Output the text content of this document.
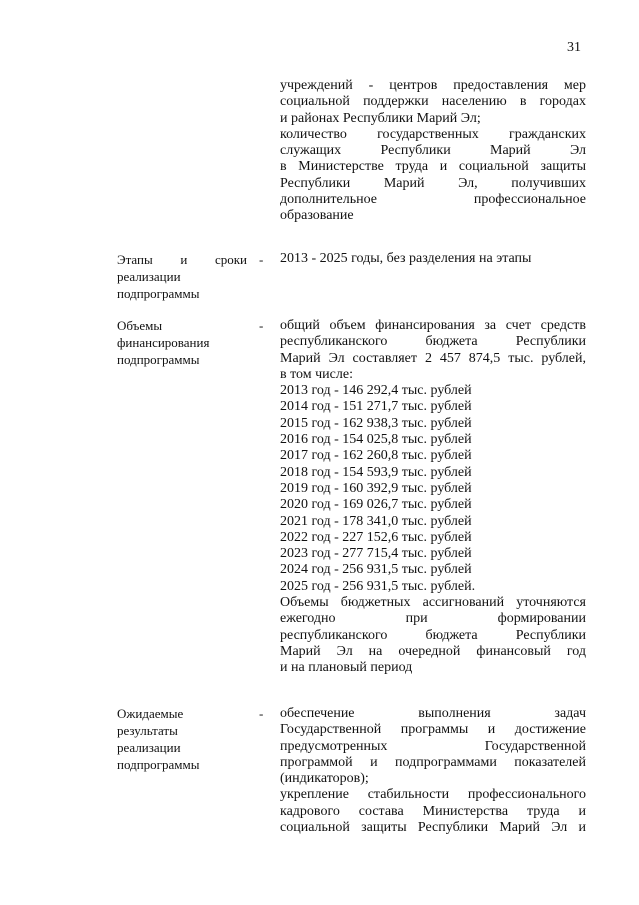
31
учреждений - центров предоставления мер
социальной поддержки населению в городах
и районах Республики Марий Эл;
количество государственных гражданских
служащих Республики Марий Эл
в Министерстве труда и социальной защиты
Республики Марий Эл, получивших
дополнительное профессиональное
образование
Этапы и сроки
реализации
подпрограммы
- 2013 - 2025 годы, без разделения на этапы
Объемы
финансирования
подпрограммы
- общий объем финансирования за счет средств
республиканского бюджета Республики
Марий Эл составляет 2 457 874,5 тыс. рублей,
в том числе:
2013 год - 146 292,4 тыс. рублей
2014 год - 151 271,7 тыс. рублей
2015 год - 162 938,3 тыс. рублей
2016 год - 154 025,8 тыс. рублей
2017 год - 162 260,8 тыс. рублей
2018 год - 154 593,9 тыс. рублей
2019 год - 160 392,9 тыс. рублей
2020 год - 169 026,7 тыс. рублей
2021 год - 178 341,0 тыс. рублей
2022 год - 227 152,6 тыс. рублей
2023 год - 277 715,4 тыс. рублей
2024 год - 256 931,5 тыс. рублей
2025 год - 256 931,5 тыс. рублей.
Объемы бюджетных ассигнований уточняются
ежегодно при формировании
республиканского бюджета Республики
Марий Эл на очередной финансовый год
и на плановый период
Ожидаемые
результаты
реализации
подпрограммы
- обеспечение выполнения задач
Государственной программы и достижение
предусмотренных Государственной
программой и подпрограммами показателей
(индикаторов);
укрепление стабильности профессионального
кадрового состава Министерства труда и
социальной защиты Республики Марий Эл и
